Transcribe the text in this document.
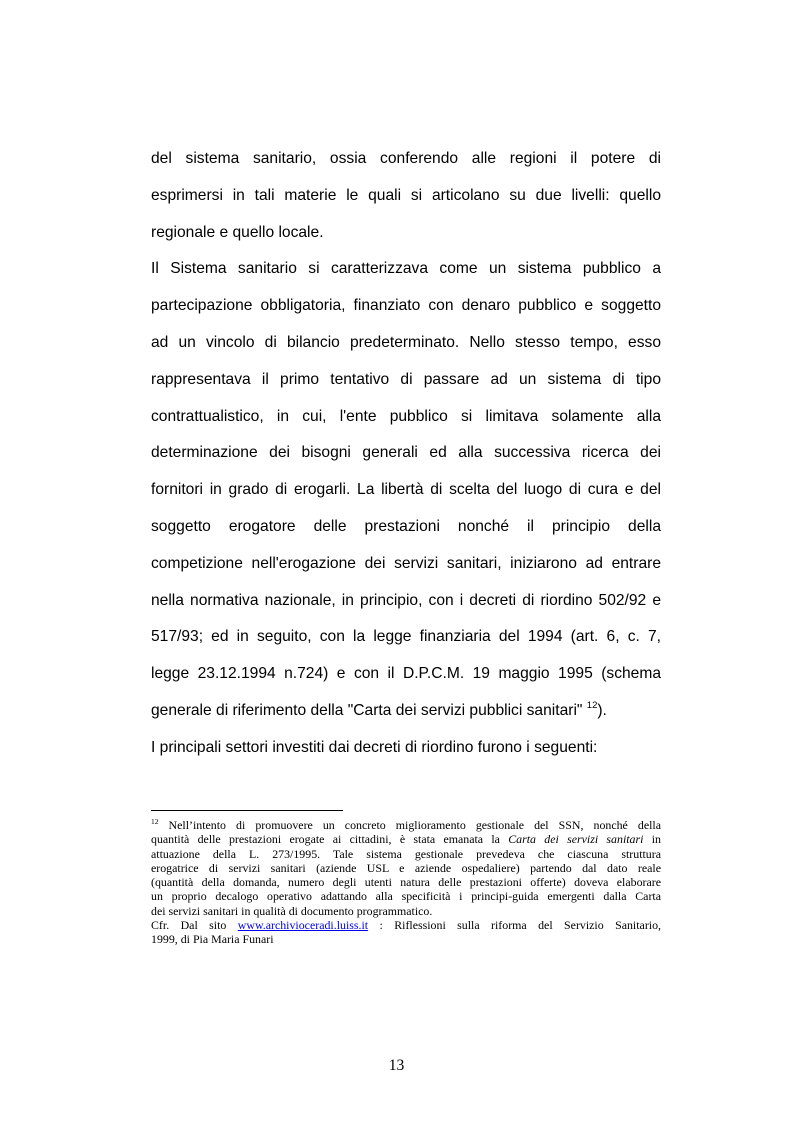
del sistema sanitario, ossia conferendo alle regioni il potere di
esprimersi in tali materie le quali si articolano su due livelli: quello
regionale e quello locale.
Il Sistema sanitario si caratterizzava come un sistema pubblico a
partecipazione obbligatoria, finanziato con denaro pubblico e soggetto
ad un vincolo di bilancio predeterminato. Nello stesso tempo, esso
rappresentava il primo tentativo di passare ad un sistema di tipo
contrattualistico, in cui, l'ente pubblico si limitava solamente alla
determinazione dei bisogni generali ed alla successiva ricerca dei
fornitori in grado di erogarli. La libertà di scelta del luogo di cura e del
soggetto erogatore delle prestazioni nonché il principio della
competizione nell'erogazione dei servizi sanitari, iniziarono ad entrare
nella normativa nazionale, in principio, con i decreti di riordino 502/92 e
517/93; ed in seguito, con la legge finanziaria del 1994 (art. 6, c. 7,
legge 23.12.1994 n.724) e con il D.P.C.M. 19 maggio 1995 (schema
generale di riferimento della "Carta dei servizi pubblici sanitari" $^{12}$).
I principali settori investiti dai decreti di riordino furono i seguenti:
$^{12}$ Nell’intento di promuovere un concreto miglioramento gestionale del SSN, nonché della
quantità delle prestazioni erogate ai cittadini, è stata emanata la Carta dei servizi sanitari in
attuazione della L. 273/1995. Tale sistema gestionale prevedeva che ciascuna struttura
erogatrice di servizi sanitari (aziende USL e aziende ospedaliere) partendo dal dato reale
(quantità della domanda, numero degli utenti natura delle prestazioni offerte) doveva elaborare
un proprio decalogo operativo adattando alla specificità i principi-guida emergenti dalla Carta
dei servizi sanitari in qualità di documento programmatico.
Cfr. Dal sito www.archivioceradi.luiss.it : Riflessioni sulla riforma del Servizio Sanitario,
1999, di Pia Maria Funari
13
